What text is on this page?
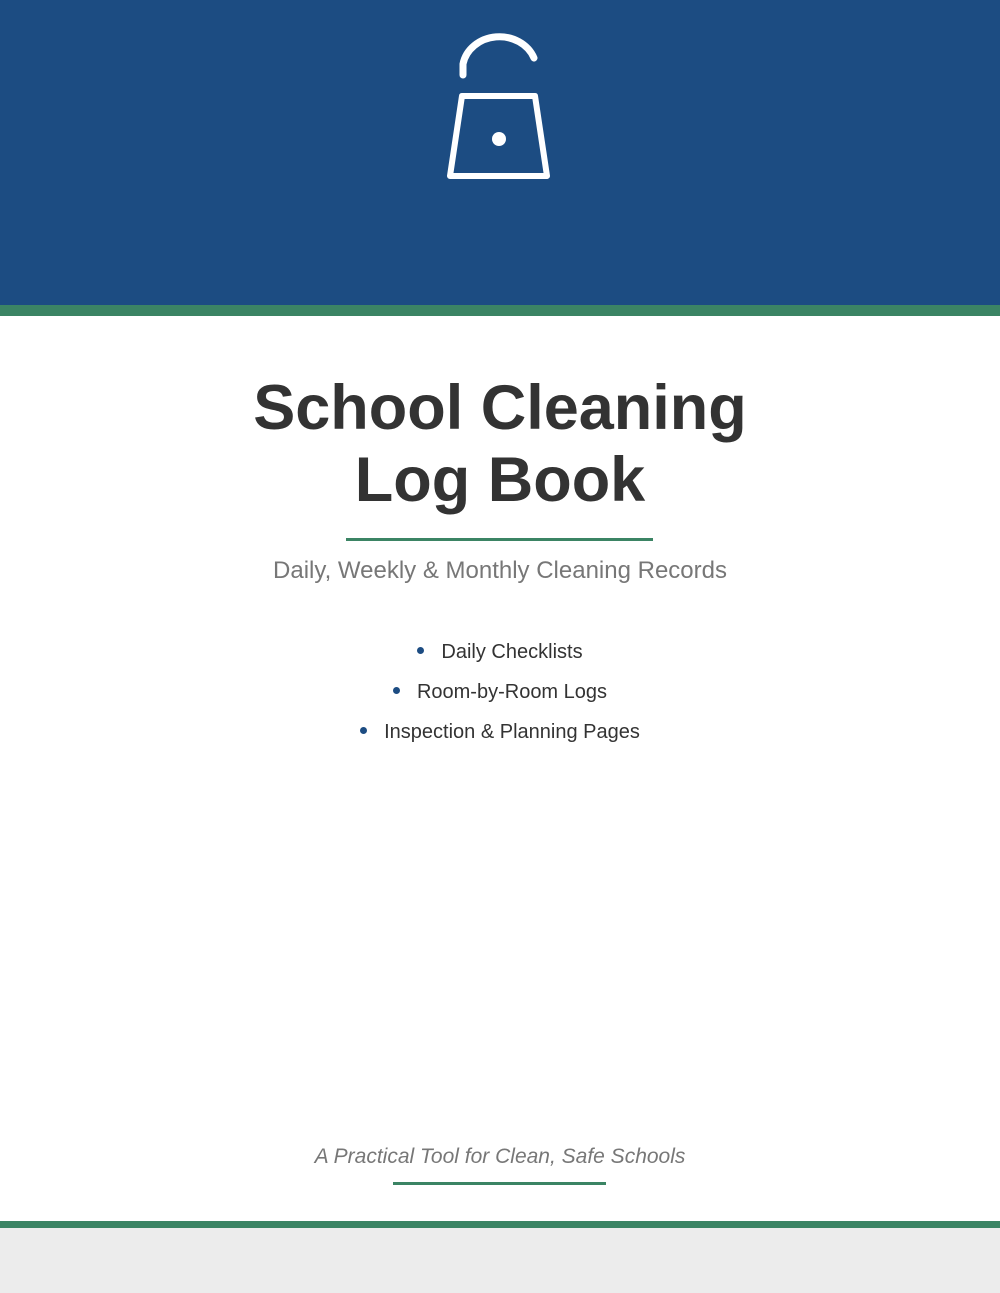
School Cleaning
Log Book
Daily, Weekly & Monthly Cleaning Records
Daily Checklists
Room-by-Room Logs
Inspection & Planning Pages
A Practical Tool for Clean, Safe Schools
